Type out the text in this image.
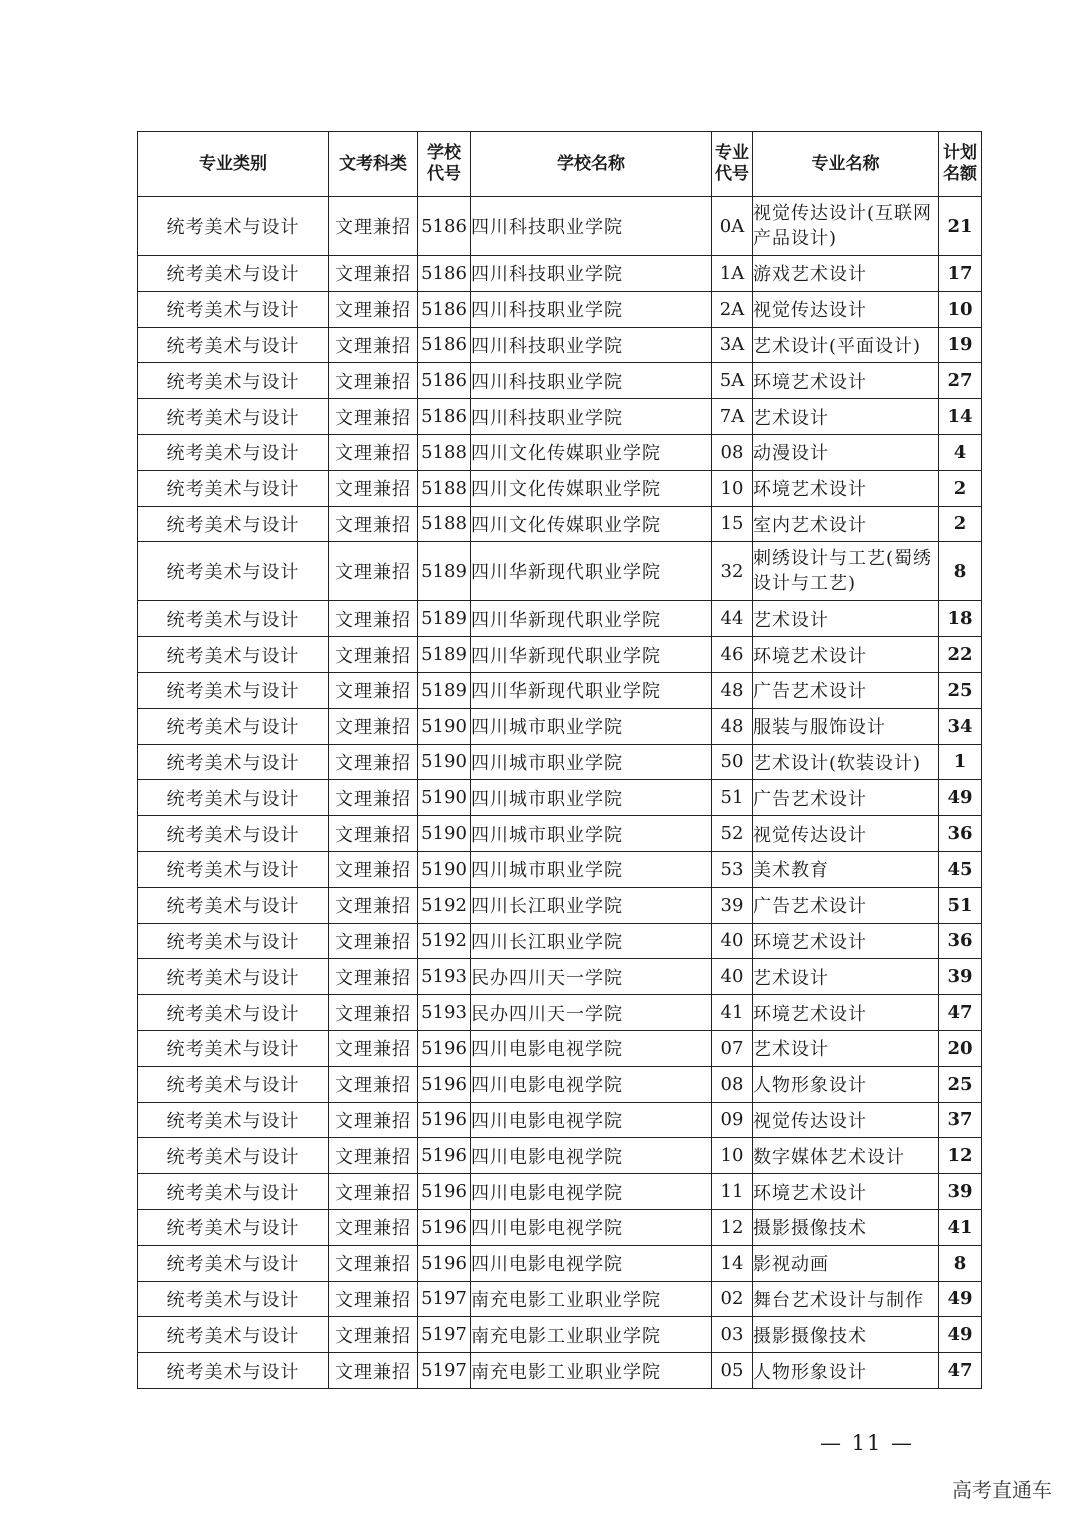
专业类别	文考科类	学校代号	学校名称	专业代号	专业名称	计划名额
统考美术与设计	文理兼招	5186	四川科技职业学院	0A	视觉传达设计(互联网产品设计)	21
统考美术与设计	文理兼招	5186	四川科技职业学院	1A	游戏艺术设计	17
统考美术与设计	文理兼招	5186	四川科技职业学院	2A	视觉传达设计	10
统考美术与设计	文理兼招	5186	四川科技职业学院	3A	艺术设计(平面设计)	19
统考美术与设计	文理兼招	5186	四川科技职业学院	5A	环境艺术设计	27
统考美术与设计	文理兼招	5186	四川科技职业学院	7A	艺术设计	14
统考美术与设计	文理兼招	5188	四川文化传媒职业学院	08	动漫设计	4
统考美术与设计	文理兼招	5188	四川文化传媒职业学院	10	环境艺术设计	2
统考美术与设计	文理兼招	5188	四川文化传媒职业学院	15	室内艺术设计	2
统考美术与设计	文理兼招	5189	四川华新现代职业学院	32	刺绣设计与工艺(蜀绣设计与工艺)	8
统考美术与设计	文理兼招	5189	四川华新现代职业学院	44	艺术设计	18
统考美术与设计	文理兼招	5189	四川华新现代职业学院	46	环境艺术设计	22
统考美术与设计	文理兼招	5189	四川华新现代职业学院	48	广告艺术设计	25
统考美术与设计	文理兼招	5190	四川城市职业学院	48	服装与服饰设计	34
统考美术与设计	文理兼招	5190	四川城市职业学院	50	艺术设计(软装设计)	1
统考美术与设计	文理兼招	5190	四川城市职业学院	51	广告艺术设计	49
统考美术与设计	文理兼招	5190	四川城市职业学院	52	视觉传达设计	36
统考美术与设计	文理兼招	5190	四川城市职业学院	53	美术教育	45
统考美术与设计	文理兼招	5192	四川长江职业学院	39	广告艺术设计	51
统考美术与设计	文理兼招	5192	四川长江职业学院	40	环境艺术设计	36
统考美术与设计	文理兼招	5193	民办四川天一学院	40	艺术设计	39
统考美术与设计	文理兼招	5193	民办四川天一学院	41	环境艺术设计	47
统考美术与设计	文理兼招	5196	四川电影电视学院	07	艺术设计	20
统考美术与设计	文理兼招	5196	四川电影电视学院	08	人物形象设计	25
统考美术与设计	文理兼招	5196	四川电影电视学院	09	视觉传达设计	37
统考美术与设计	文理兼招	5196	四川电影电视学院	10	数字媒体艺术设计	12
统考美术与设计	文理兼招	5196	四川电影电视学院	11	环境艺术设计	39
统考美术与设计	文理兼招	5196	四川电影电视学院	12	摄影摄像技术	41
统考美术与设计	文理兼招	5196	四川电影电视学院	14	影视动画	8
统考美术与设计	文理兼招	5197	南充电影工业职业学院	02	舞台艺术设计与制作	49
统考美术与设计	文理兼招	5197	南充电影工业职业学院	03	摄影摄像技术	49
统考美术与设计	文理兼招	5197	南充电影工业职业学院	05	人物形象设计	47
— 11 —
高考直通车
